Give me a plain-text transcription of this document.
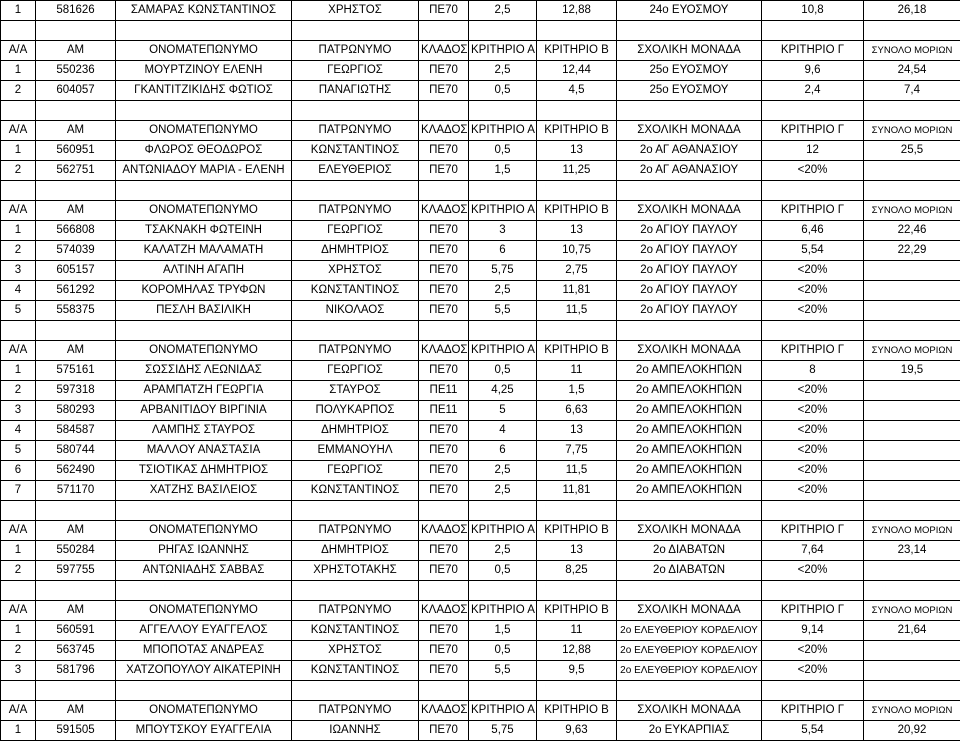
1	581626	ΣΑΜΑΡΑΣ ΚΩΝΣΤΑΝΤΙΝΟΣ	ΧΡΗΣΤΟΣ	ΠΕ70	2,5	12,88	24ο ΕΥΟΣΜΟΥ	10,8	26,18

Α/Α	ΑΜ	ΟΝΟΜΑΤΕΠΩΝΥΜΟ	ΠΑΤΡΩΝΥΜΟ	ΚΛΑΔΟΣ	ΚΡΙΤΗΡΙΟ Α	ΚΡΙΤΗΡΙΟ Β	ΣΧΟΛΙΚΗ ΜΟΝΑΔΑ	ΚΡΙΤΗΡΙΟ Γ	ΣΥΝΟΛΟ ΜΟΡΙΩΝ
1	550236	ΜΟΥΡΤΖΙΝΟΥ ΕΛΕΝΗ	ΓΕΩΡΓΙΟΣ	ΠΕ70	2,5	12,44	25ο ΕΥΟΣΜΟΥ	9,6	24,54
2	604057	ΓΚΑΝΤΙΤΖΙΚΙΔΗΣ ΦΩΤΙΟΣ	ΠΑΝΑΓΙΩΤΗΣ	ΠΕ70	0,5	4,5	25ο ΕΥΟΣΜΟΥ	2,4	7,4

Α/Α	ΑΜ	ΟΝΟΜΑΤΕΠΩΝΥΜΟ	ΠΑΤΡΩΝΥΜΟ	ΚΛΑΔΟΣ	ΚΡΙΤΗΡΙΟ Α	ΚΡΙΤΗΡΙΟ Β	ΣΧΟΛΙΚΗ ΜΟΝΑΔΑ	ΚΡΙΤΗΡΙΟ Γ	ΣΥΝΟΛΟ ΜΟΡΙΩΝ
1	560951	ΦΛΩΡΟΣ ΘΕΟΔΩΡΟΣ	ΚΩΝΣΤΑΝΤΙΝΟΣ	ΠΕ70	0,5	13	2ο ΑΓ ΑΘΑΝΑΣΙΟΥ	12	25,5
2	562751	ΑΝΤΩΝΙΑΔΟΥ ΜΑΡΙΑ - ΕΛΕΝΗ	ΕΛΕΥΘΕΡΙΟΣ	ΠΕ70	1,5	11,25	2ο ΑΓ ΑΘΑΝΑΣΙΟΥ	<20%	

Α/Α	ΑΜ	ΟΝΟΜΑΤΕΠΩΝΥΜΟ	ΠΑΤΡΩΝΥΜΟ	ΚΛΑΔΟΣ	ΚΡΙΤΗΡΙΟ Α	ΚΡΙΤΗΡΙΟ Β	ΣΧΟΛΙΚΗ ΜΟΝΑΔΑ	ΚΡΙΤΗΡΙΟ Γ	ΣΥΝΟΛΟ ΜΟΡΙΩΝ
1	566808	ΤΣΑΚΝΑΚΗ ΦΩΤΕΙΝΗ	ΓΕΩΡΓΙΟΣ	ΠΕ70	3	13	2ο ΑΓΙΟΥ ΠΑΥΛΟΥ	6,46	22,46
2	574039	ΚΑΛΑΤΖΗ ΜΑΛΑΜΑΤΗ	ΔΗΜΗΤΡΙΟΣ	ΠΕ70	6	10,75	2ο ΑΓΙΟΥ ΠΑΥΛΟΥ	5,54	22,29
3	605157	ΑΛΤΙΝΗ ΑΓΑΠΗ	ΧΡΗΣΤΟΣ	ΠΕ70	5,75	2,75	2ο ΑΓΙΟΥ ΠΑΥΛΟΥ	<20%	
4	561292	ΚΟΡΟΜΗΛΑΣ ΤΡΥΦΩΝ	ΚΩΝΣΤΑΝΤΙΝΟΣ	ΠΕ70	2,5	11,81	2ο ΑΓΙΟΥ ΠΑΥΛΟΥ	<20%	
5	558375	ΠΕΣΛΗ ΒΑΣΙΛΙΚΗ	ΝΙΚΟΛΑΟΣ	ΠΕ70	5,5	11,5	2ο ΑΓΙΟΥ ΠΑΥΛΟΥ	<20%	

Α/Α	ΑΜ	ΟΝΟΜΑΤΕΠΩΝΥΜΟ	ΠΑΤΡΩΝΥΜΟ	ΚΛΑΔΟΣ	ΚΡΙΤΗΡΙΟ Α	ΚΡΙΤΗΡΙΟ Β	ΣΧΟΛΙΚΗ ΜΟΝΑΔΑ	ΚΡΙΤΗΡΙΟ Γ	ΣΥΝΟΛΟ ΜΟΡΙΩΝ
1	575161	ΣΩΣΣΙΔΗΣ ΛΕΩΝΙΔΑΣ	ΓΕΩΡΓΙΟΣ	ΠΕ70	0,5	11	2ο ΑΜΠΕΛΟΚΗΠΩΝ	8	19,5
2	597318	ΑΡΑΜΠΑΤΖΗ ΓΕΩΡΓΙΑ	ΣΤΑΥΡΟΣ	ΠΕ11	4,25	1,5	2ο ΑΜΠΕΛΟΚΗΠΩΝ	<20%	
3	580293	ΑΡΒΑΝΙΤΙΔΟΥ ΒΙΡΓΙΝΙΑ	ΠΟΛΥΚΑΡΠΟΣ	ΠΕ11	5	6,63	2ο ΑΜΠΕΛΟΚΗΠΩΝ	<20%	
4	584587	ΛΑΜΠΗΣ ΣΤΑΥΡΟΣ	ΔΗΜΗΤΡΙΟΣ	ΠΕ70	4	13	2ο ΑΜΠΕΛΟΚΗΠΩΝ	<20%	
5	580744	ΜΑΛΛΟΥ ΑΝΑΣΤΑΣΙΑ	ΕΜΜΑΝΟΥΗΛ	ΠΕ70	6	7,75	2ο ΑΜΠΕΛΟΚΗΠΩΝ	<20%	
6	562490	ΤΣΙΟΤΙΚΑΣ ΔΗΜΗΤΡΙΟΣ	ΓΕΩΡΓΙΟΣ	ΠΕ70	2,5	11,5	2ο ΑΜΠΕΛΟΚΗΠΩΝ	<20%	
7	571170	ΧΑΤΖΗΣ ΒΑΣΙΛΕΙΟΣ	ΚΩΝΣΤΑΝΤΙΝΟΣ	ΠΕ70	2,5	11,81	2ο ΑΜΠΕΛΟΚΗΠΩΝ	<20%	

Α/Α	ΑΜ	ΟΝΟΜΑΤΕΠΩΝΥΜΟ	ΠΑΤΡΩΝΥΜΟ	ΚΛΑΔΟΣ	ΚΡΙΤΗΡΙΟ Α	ΚΡΙΤΗΡΙΟ Β	ΣΧΟΛΙΚΗ ΜΟΝΑΔΑ	ΚΡΙΤΗΡΙΟ Γ	ΣΥΝΟΛΟ ΜΟΡΙΩΝ
1	550284	ΡΗΓΑΣ ΙΩΑΝΝΗΣ	ΔΗΜΗΤΡΙΟΣ	ΠΕ70	2,5	13	2ο ΔΙΑΒΑΤΩΝ	7,64	23,14
2	597755	ΑΝΤΩΝΙΑΔΗΣ ΣΑΒΒΑΣ	ΧΡΗΣΤΟΤΑΚΗΣ	ΠΕ70	0,5	8,25	2ο ΔΙΑΒΑΤΩΝ	<20%	

Α/Α	ΑΜ	ΟΝΟΜΑΤΕΠΩΝΥΜΟ	ΠΑΤΡΩΝΥΜΟ	ΚΛΑΔΟΣ	ΚΡΙΤΗΡΙΟ Α	ΚΡΙΤΗΡΙΟ Β	ΣΧΟΛΙΚΗ ΜΟΝΑΔΑ	ΚΡΙΤΗΡΙΟ Γ	ΣΥΝΟΛΟ ΜΟΡΙΩΝ
1	560591	ΑΓΓΕΛΛΟΥ ΕΥΑΓΓΕΛΟΣ	ΚΩΝΣΤΑΝΤΙΝΟΣ	ΠΕ70	1,5	11	2ο ΕΛΕΥΘΕΡΙΟΥ ΚΟΡΔΕΛΙΟΥ	9,14	21,64
2	563745	ΜΠΟΠΟΤΑΣ ΑΝΔΡΕΑΣ	ΧΡΗΣΤΟΣ	ΠΕ70	0,5	12,88	2ο ΕΛΕΥΘΕΡΙΟΥ ΚΟΡΔΕΛΙΟΥ	<20%	
3	581796	ΧΑΤΖΟΠΟΥΛΟΥ ΑΙΚΑΤΕΡΙΝΗ	ΚΩΝΣΤΑΝΤΙΝΟΣ	ΠΕ70	5,5	9,5	2ο ΕΛΕΥΘΕΡΙΟΥ ΚΟΡΔΕΛΙΟΥ	<20%	

Α/Α	ΑΜ	ΟΝΟΜΑΤΕΠΩΝΥΜΟ	ΠΑΤΡΩΝΥΜΟ	ΚΛΑΔΟΣ	ΚΡΙΤΗΡΙΟ Α	ΚΡΙΤΗΡΙΟ Β	ΣΧΟΛΙΚΗ ΜΟΝΑΔΑ	ΚΡΙΤΗΡΙΟ Γ	ΣΥΝΟΛΟ ΜΟΡΙΩΝ
1	591505	ΜΠΟΥΤΣΚΟΥ ΕΥΑΓΓΕΛΙΑ	ΙΩΑΝΝΗΣ	ΠΕ70	5,75	9,63	2ο ΕΥΚΑΡΠΙΑΣ	5,54	20,92
